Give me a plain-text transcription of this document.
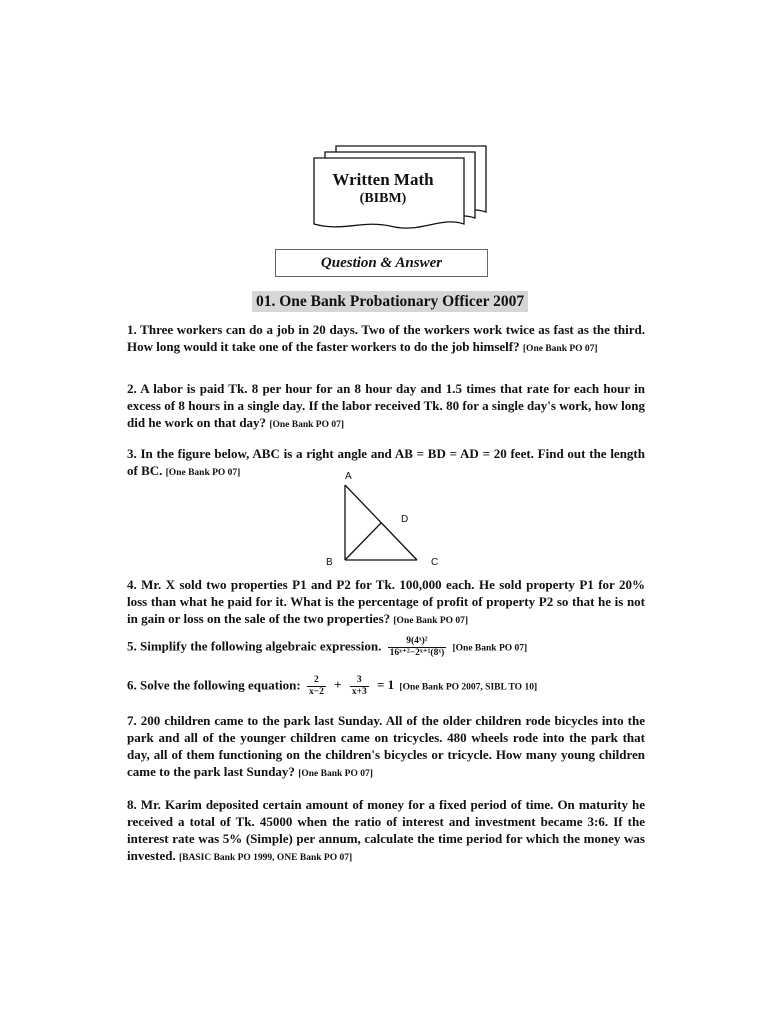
Written Math
(BIBM)
Question & Answer
01. One Bank Probationary Officer 2007
1. Three workers can do a job in 20 days. Two of the workers work twice as fast as the third. How long would it take one of the faster workers to do the job himself? [One Bank PO 07]
2. A labor is paid Tk. 8 per hour for an 8 hour day and 1.5 times that rate for each hour in excess of 8 hours in a single day. If the labor received Tk. 80 for a single day's work, how long did he work on that day? [One Bank PO 07]
3. In the figure below, ABC is a right angle and AB = BD = AD = 20 feet. Find out the length of BC. [One Bank PO 07]	A
B	C
D
4. Mr. X sold two properties P1 and P2 for Tk. 100,000 each. He sold property P1 for 20% loss than what he paid for it. What is the percentage of profit of property P2 so that he is not in gain or loss on the sale of the two properties? [One Bank PO 07]
5. Simplify the following algebraic expression. $\frac{\text{9(4ˣ)²}}{\text{16ˣ⁺²−2ˣ⁺¹(8ˣ)}} [One$ Bank PO 07]
6. Solve the following equation: $\frac{2}{x-2} + \frac{3}{x+3} = 1$ [One Bank PO 2007, SIBL TO 10]
7. 200 children came to the park last Sunday. All of the older children rode bicycles into the park and all of the younger children came on tricycles. 480 wheels rode into the park that day, all of them functioning on the children's bicycles or tricycle. How many young children came to the park last Sunday? [One Bank PO 07]
8. Mr. Karim deposited certain amount of money for a fixed period of time. On maturity he received a total of Tk. 45000 when the ratio of interest and investment became 3:6. If the interest rate was 5% (Simple) per annum, calculate the time period for which the money was invested. [BASIC Bank PO 1999, ONE Bank PO 07]
